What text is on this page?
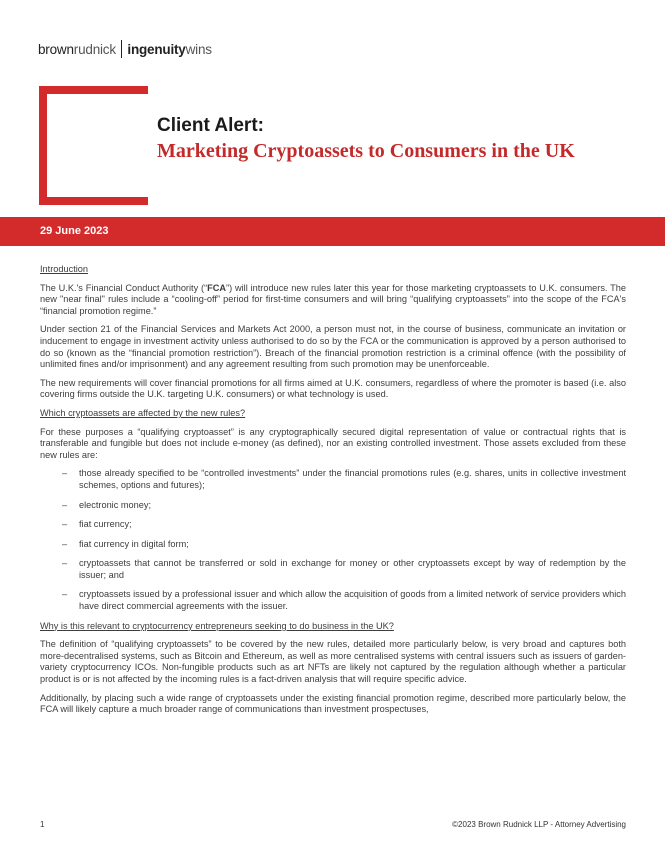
brown rudnick ingenuity wins
Client Alert:
Marketing Cryptoassets to Consumers in the UK
29 June 2023

Introduction

The U.K.'s Financial Conduct Authority (“FCA”) will introduce new rules later this year for those marketing cryptoassets to U.K. consumers. The new "near final" rules include a “cooling-off” period for first-time consumers and will bring “qualifying cryptoassets” into the scope of the FCA's “financial promotion regime.”

Under section 21 of the Financial Services and Markets Act 2000, a person must not, in the course of business, communicate an invitation or inducement to engage in investment activity unless authorised to do so by the FCA or the communication is approved by a person authorised to do so (known as the “financial promotion restriction”). Breach of the financial promotion restriction is a criminal offence (with the possibility of unlimited fines and/or imprisonment) and any agreement resulting from such promotion may be unenforceable.

The new requirements will cover financial promotions for all firms aimed at U.K. consumers, regardless of where the promoter is based (i.e. also covering firms outside the U.K. targeting U.K. consumers) or what technology is used.

Which cryptoassets are affected by the new rules?

For these purposes a “qualifying cryptoasset” is any cryptographically secured digital representation of value or contractual rights that is transferable and fungible but does not include e-money (as defined), nor an existing controlled investment. Those assets excluded from these new rules are:

–	those already specified to be “controlled investments” under the financial promotions rules (e.g. shares, units in collective investment schemes, options and futures);
–	electronic money;
–	fiat currency;
–	fiat currency in digital form;
–	cryptoassets that cannot be transferred or sold in exchange for money or other cryptoassets except by way of redemption by the issuer; and
–	cryptoassets issued by a professional issuer and which allow the acquisition of goods from a limited network of service providers which have direct commercial agreements with the issuer.

Why is this relevant to cryptocurrency entrepreneurs seeking to do business in the UK?

The definition of “qualifying cryptoassets” to be covered by the new rules, detailed more particularly below, is very broad and captures both more-decentralised systems, such as Bitcoin and Ethereum, as well as more centralised systems with central issuers such as issuers of garden-variety cryptocurrency ICOs. Non-fungible products such as art NFTs are likely not captured by the regulation although whether a particular product is or is not affected by the incoming rules is a fact-driven analysis that will require specific advice.

Additionally, by placing such a wide range of cryptoassets under the existing financial promotion regime, described more particularly below, the FCA will likely capture a much broader range of communications than investment prospectuses,

1	©2023 Brown Rudnick LLP - Attorney Advertising
